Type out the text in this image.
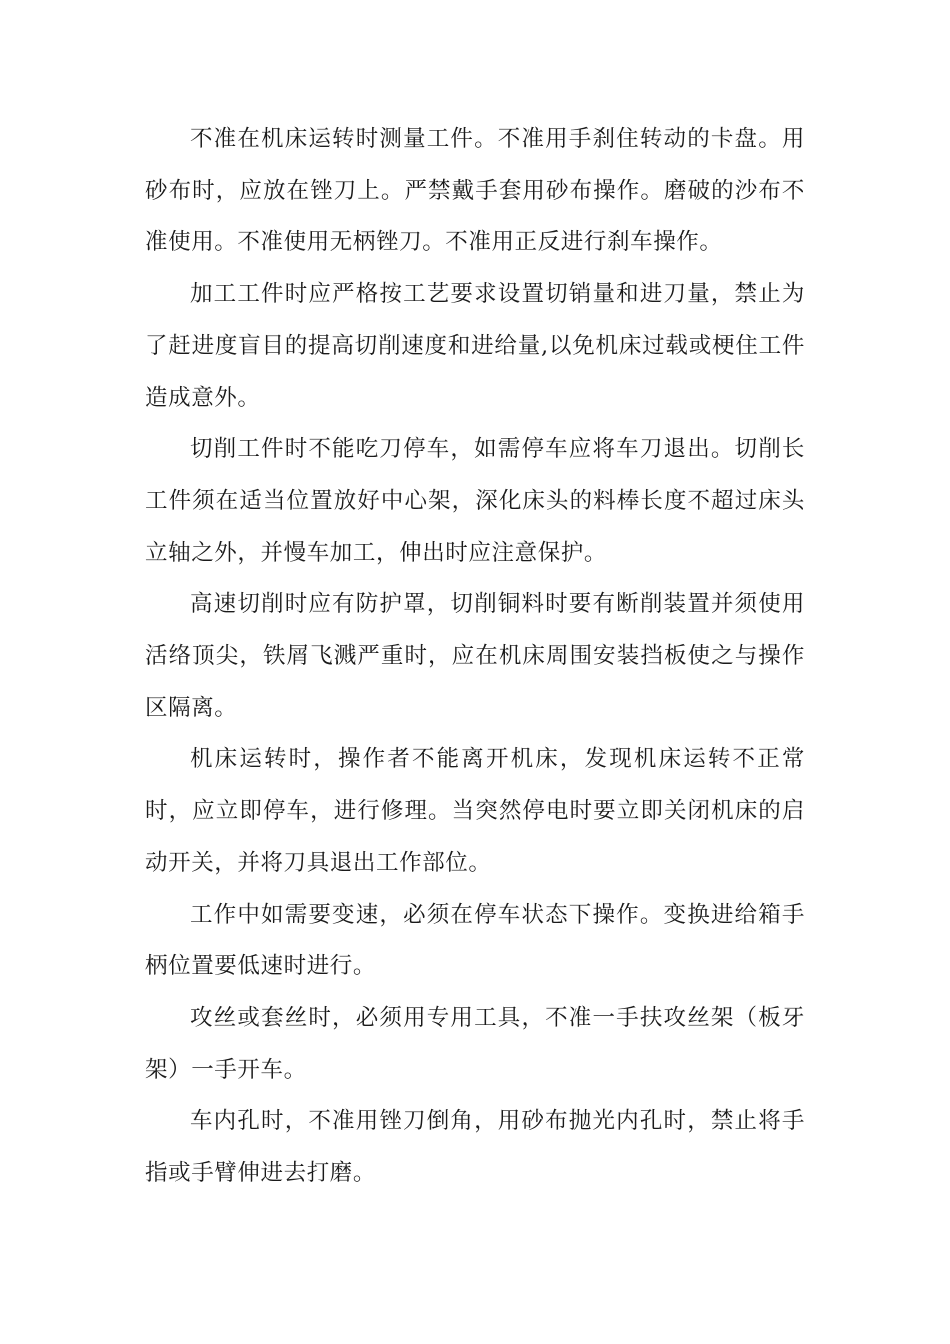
不准在机床运转时测量工件。不准用手刹住转动的卡盘。用砂布时，应放在锉刀上。严禁戴手套用砂布操作。磨破的沙布不准使用。不准使用无柄锉刀。不准用正反进行刹车操作。

加工工件时应严格按工艺要求设置切销量和进刀量，禁止为了赶进度盲目的提高切削速度和进给量,以免机床过载或梗住工件造成意外。

切削工件时不能吃刀停车，如需停车应将车刀退出。切削长工件须在适当位置放好中心架，深化床头的料棒长度不超过床头立轴之外，并慢车加工，伸出时应注意保护。

高速切削时应有防护罩，切削铜料时要有断削装置并须使用活络顶尖，铁屑飞溅严重时，应在机床周围安装挡板使之与操作区隔离。

机床运转时，操作者不能离开机床，发现机床运转不正常时，应立即停车，进行修理。当突然停电时要立即关闭机床的启动开关，并将刀具退出工作部位。

工作中如需要变速，必须在停车状态下操作。变换进给箱手柄位置要低速时进行。

攻丝或套丝时，必须用专用工具，不准一手扶攻丝架（板牙架）一手开车。

车内孔时，不准用锉刀倒角，用砂布抛光内孔时，禁止将手指或手臂伸进去打磨。
